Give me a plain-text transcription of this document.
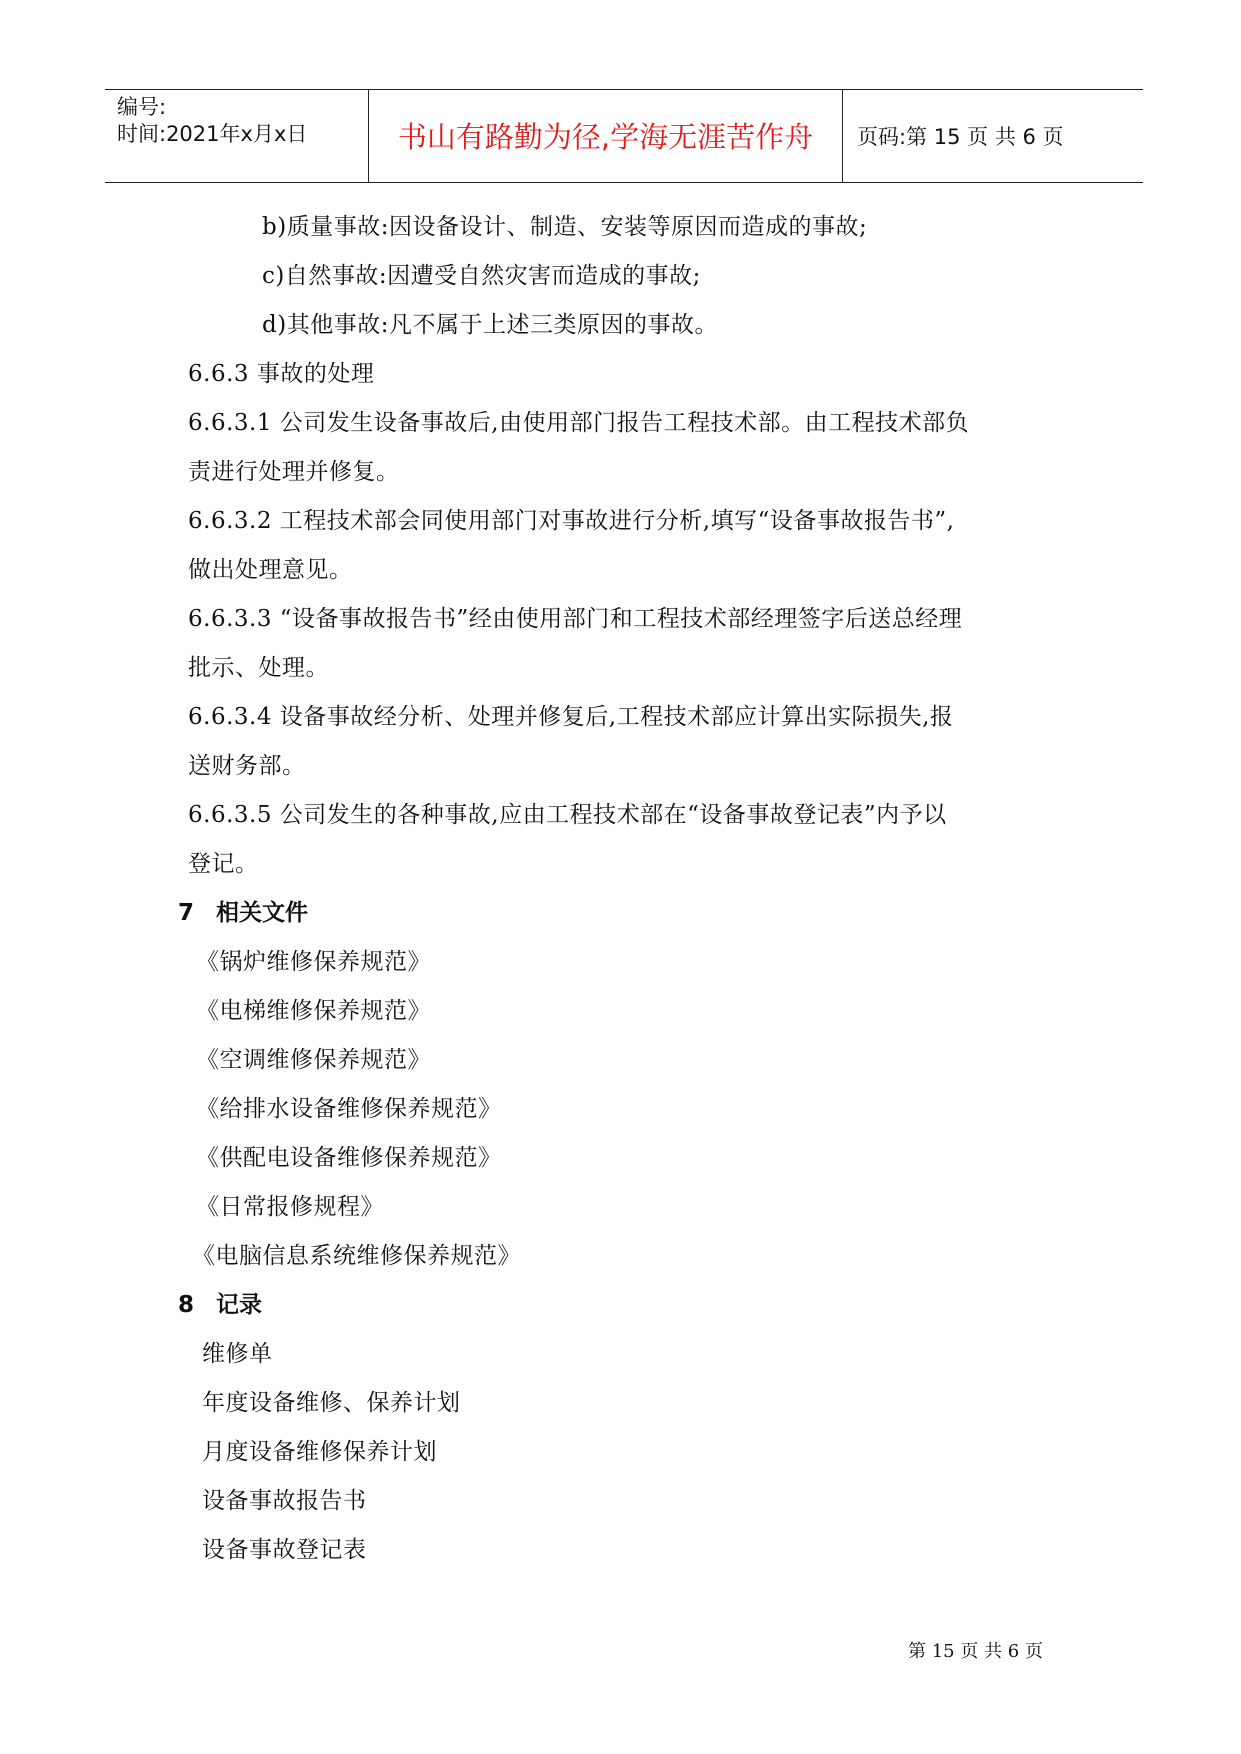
编号:
时间:2021年x月x日	书山有路勤为径,学海无涯苦作舟	页码:第 15 页 共 6 页
b)质量事故:因设备设计、制造、安装等原因而造成的事故;
c)自然事故:因遭受自然灾害而造成的事故;
d)其他事故:凡不属于上述三类原因的事故。
6.6.3 事故的处理
6.6.3.1 公司发生设备事故后,由使用部门报告工程技术部。由工程技术部负
责进行处理并修复。
6.6.3.2 工程技术部会同使用部门对事故进行分析,填写“设备事故报告书”,
做出处理意见。
6.6.3.3 “设备事故报告书”经由使用部门和工程技术部经理签字后送总经理
批示、处理。
6.6.3.4 设备事故经分析、处理并修复后,工程技术部应计算出实际损失,报
送财务部。
6.6.3.5 公司发生的各种事故,应由工程技术部在“设备事故登记表”内予以
登记。
7 相关文件
《锅炉维修保养规范》
《电梯维修保养规范》
《空调维修保养规范》
《给排水设备维修保养规范》
《供配电设备维修保养规范》
《日常报修规程》
《电脑信息系统维修保养规范》
8 记录
维修单
年度设备维修、保养计划
月度设备维修保养计划
设备事故报告书
设备事故登记表
第 15 页 共 6 页
